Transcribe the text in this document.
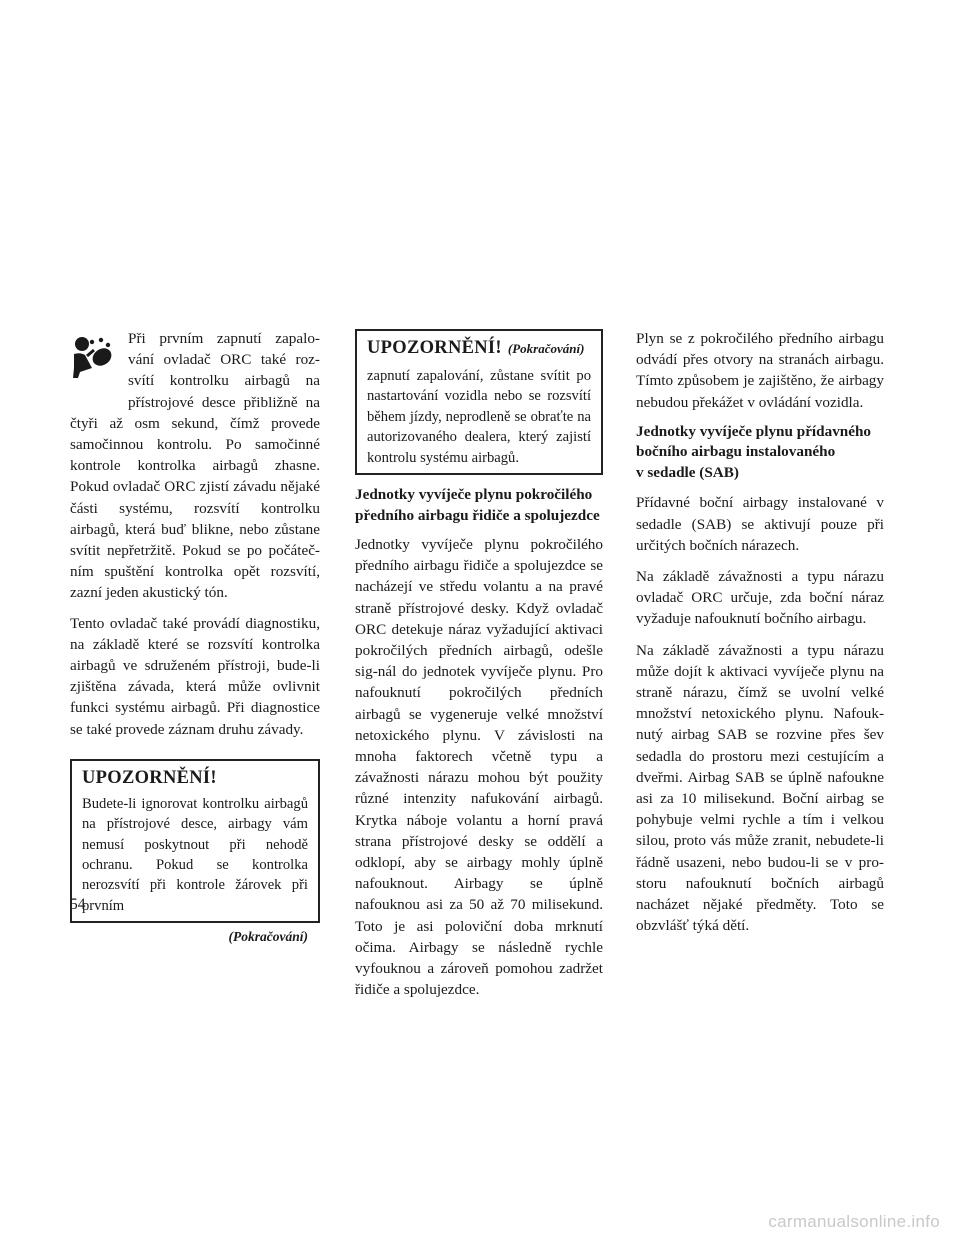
Při prvním zapnutí zapalo-

vání ovladač ORC také roz-

svítí kontrolku airbagů na

přístrojové desce přibližně na

čtyři až osm sekund, čímž provede samočinnou kontrolu. Po samočinné kontrole kontrolka airbagů zhasne. Pokud ovladač ORC zjistí závadu nějaké části systému, rozsvítí kontrolku airbagů, která buď blikne, nebo zůstane svítit nepřetržitě. Pokud se po počáteč-ním spuštění kontrolka opět rozsvítí, zazní jeden akustický tón.

Tento ovladač také provádí diagnostiku, na základě které se rozsvítí kontrolka airbagů ve sdruženém přístroji, bude-li zjištěna závada, která může ovlivnit funkci systému airbagů. Při diagnostice se také provede záznam druhu závady.

UPOZORNĚNÍ!

Budete-li ignorovat kontrolku airbagů na přístrojové desce, airbagy vám nemusí poskytnout při nehodě ochranu. Pokud se kontrolka nerozsvítí při kontrole žárovek při prvním

(Pokračování)
UPOZORNĚNÍ! (Pokračování)

zapnutí zapalování, zůstane svítit po nastartování vozidla nebo se rozsvítí během jízdy, neprodleně se obraťte na autorizovaného dealera, který zajistí kontrolu systému airbagů.

Jednotky vyvíječe plynu pokročilého předního airbagu řidiče a spolujezdce

Jednotky vyvíječe plynu pokročilého předního airbagu řidiče a spolujezdce se nacházejí ve středu volantu a na pravé straně přístrojové desky. Když ovladač ORC detekuje náraz vyžadující aktivaci pokročilých předních airbagů, odešle sig-nál do jednotek vyvíječe plynu. Pro nafouknutí pokročilých předních airbagů se vygeneruje velké množství netoxického plynu. V závislosti na mnoha faktorech včetně typu a závažnosti nárazu mohou být použity různé intenzity nafukování airbagů. Krytka náboje volantu a horní pravá strana přístrojové desky se oddělí a odklopí, aby se airbagy mohly úplně nafouknout. Airbagy se úplně nafouknou asi za 50 až 70 milisekund. Toto je asi poloviční doba mrknutí očima. Airbagy se následně rychle vyfouknou a zároveň pomohou zadržet řidiče a spolujezdce.

Plyn se z pokročilého předního airbagu odvádí přes otvory na stranách airbagu. Tímto způsobem je zajištěno, že airbagy nebudou překážet v ovládání vozidla.

Jednotky vyvíječe plynu přídavného
bočního airbagu instalovaného
v sedadle (SAB)

Přídavné boční airbagy instalované v sedadle (SAB) se aktivují pouze při určitých bočních nárazech.

Na základě závažnosti a typu nárazu ovladač ORC určuje, zda boční náraz vyžaduje nafouknutí bočního airbagu.

Na základě závažnosti a typu nárazu může dojít k aktivaci vyvíječe plynu na straně nárazu, čímž se uvolní velké množství netoxického plynu. Nafouk-nutý airbag SAB se rozvine přes šev sedadla do prostoru mezi cestujícím a dveřmi. Airbag SAB se úplně nafoukne asi za 10 milisekund. Boční airbag se pohybuje velmi rychle a tím i velkou silou, proto vás může zranit, nebudete-li řádně usazeni, nebo budou-li se v pro-storu nafouknutí bočních airbagů nacházet nějaké předměty. Toto se obzvlášť týká dětí.

54
carmanualsonline.info
